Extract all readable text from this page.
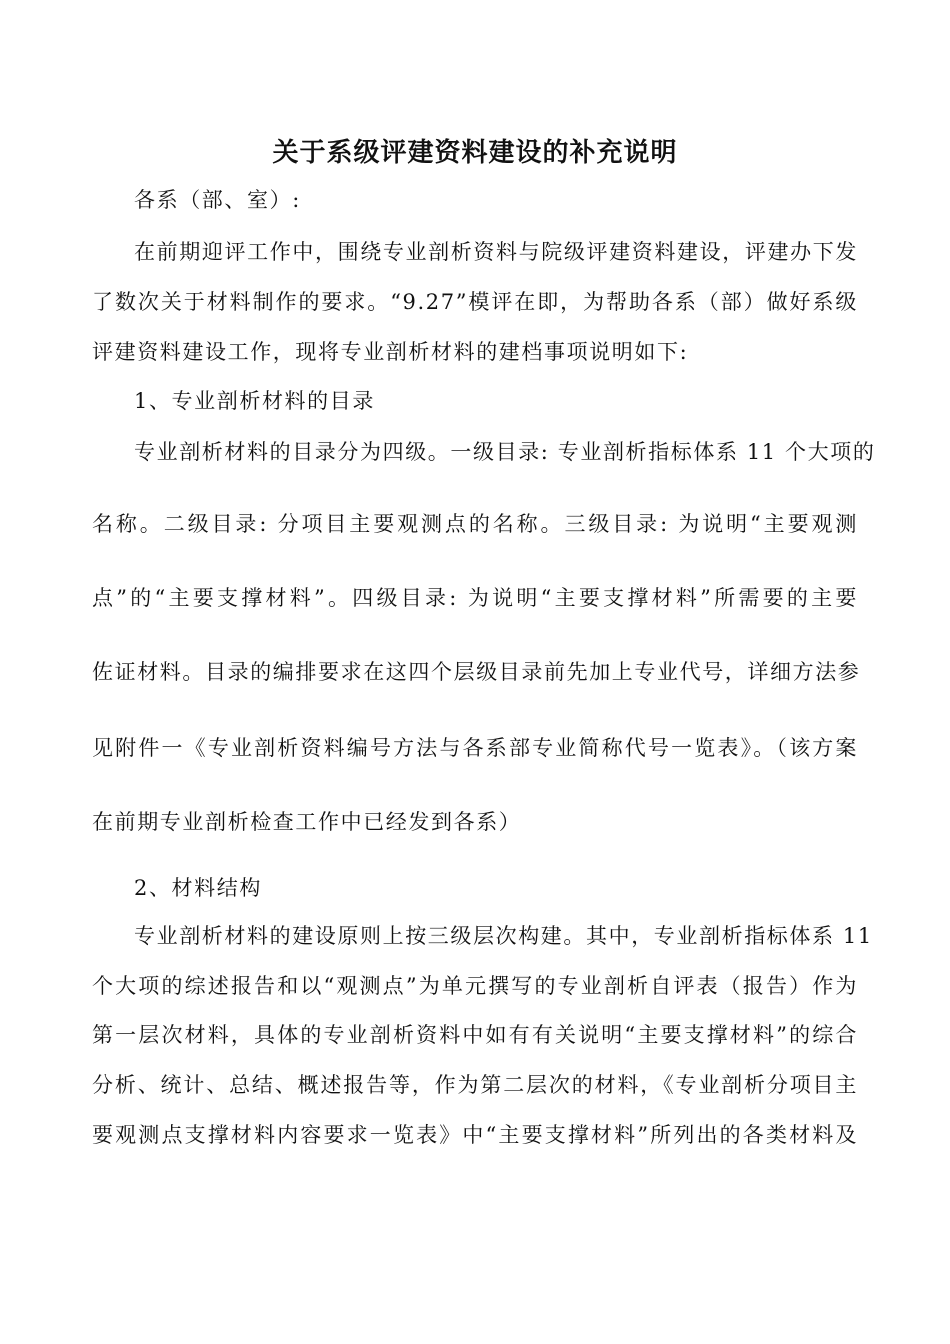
关于系级评建资料建设的补充说明
各系（部、室）:
在前期迎评工作中，围绕专业剖析资料与院级评建资料建设，评建办下发
了数次关于材料制作的要求。“9.27”模评在即，为帮助各系（部）做好系级
评建资料建设工作，现将专业剖析材料的建档事项说明如下:
1、专业剖析材料的目录
专业剖析材料的目录分为四级。一级目录: 专业剖析指标体系 11 个大项的
名称。二级目录: 分项目主要观测点的名称。三级目录: 为说明“主要观测
点”的“主要支撑材料”。四级目录: 为说明“主要支撑材料”所需要的主要
佐证材料。目录的编排要求在这四个层级目录前先加上专业代号，详细方法参
见附件一《专业剖析资料编号方法与各系部专业简称代号一览表》。（该方案
在前期专业剖析检查工作中已经发到各系）
2、材料结构
专业剖析材料的建设原则上按三级层次构建。其中，专业剖析指标体系 11
个大项的综述报告和以“观测点”为单元撰写的专业剖析自评表（报告）作为
第一层次材料，具体的专业剖析资料中如有有关说明“主要支撑材料”的综合
分析、统计、总结、概述报告等，作为第二层次的材料，《专业剖析分项目主
要观测点支撑材料内容要求一览表》中“主要支撑材料”所列出的各类材料及
